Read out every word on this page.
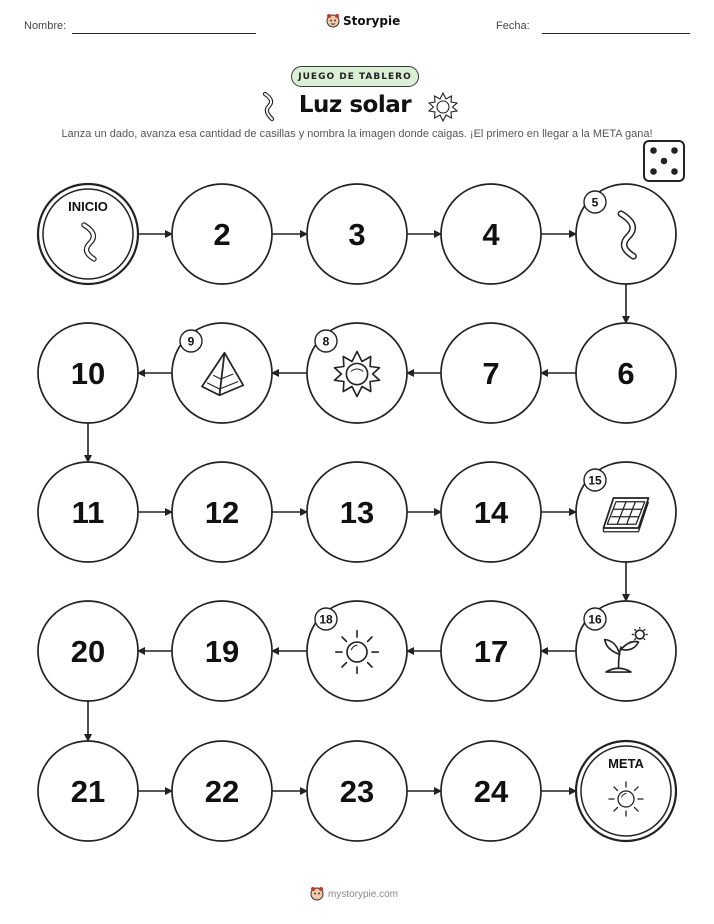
Nombre:	Storypie	Fecha:
JUEGO DE TABLERO
Luz solar
Lanza un dado, avanza esa cantidad de casillas y nombra la imagen donde caigas. ¡El primero en llegar a la META gana!
INICIO
2	3	4
5
6
7
8
9
10
11	12	13	14
15
16
17
18
19
20
21	22	23	24
META
mystorypie.com
